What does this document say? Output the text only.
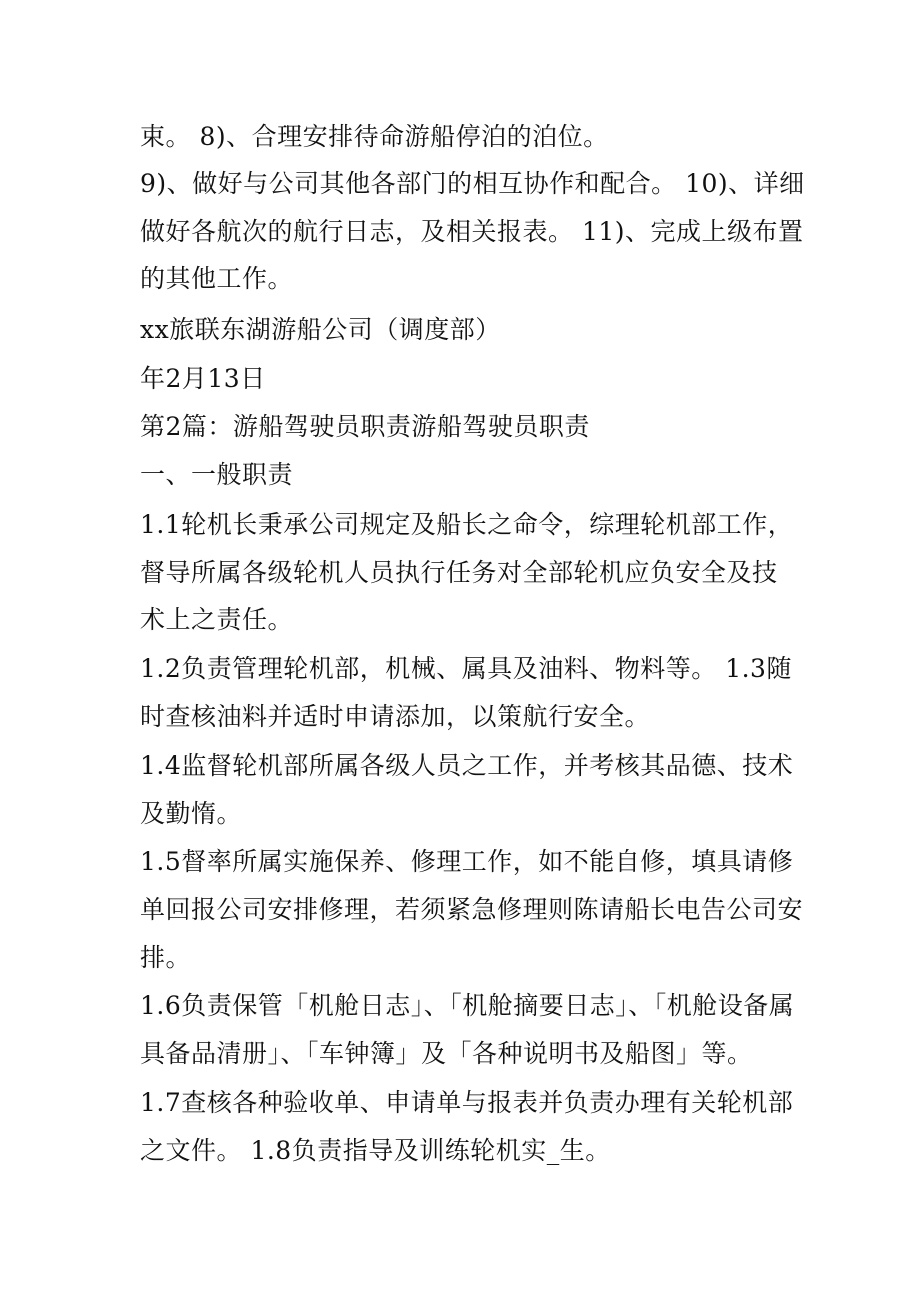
束。 8)、合理安排待命游船停泊的泊位。
9)、做好与公司其他各部门的相互协作和配合。 10)、详细
做好各航次的航行日志，及相关报表。 11)、完成上级布置
的其他工作。
xx旅联东湖游船公司（调度部）
年2月13日
第2篇：游船驾驶员职责游船驾驶员职责
一、一般职责
1.1轮机长秉承公司规定及船长之命令，综理轮机部工作，
督导所属各级轮机人员执行任务对全部轮机应负安全及技
术上之责任。
1.2负责管理轮机部，机械、属具及油料、物料等。 1.3随
时查核油料并适时申请添加，以策航行安全。
1.4监督轮机部所属各级人员之工作，并考核其品德、技术
及勤惰。
1.5督率所属实施保养、修理工作，如不能自修，填具请修
单回报公司安排修理，若须紧急修理则陈请船长电告公司安
排。
1.6负责保管「机舱日志」、「机舱摘要日志」、「机舱设备属
具备品清册」、「车钟簿」及「各种说明书及船图」等。
1.7查核各种验收单、申请单与报表并负责办理有关轮机部
之文件。 1.8负责指导及训练轮机实_生。
